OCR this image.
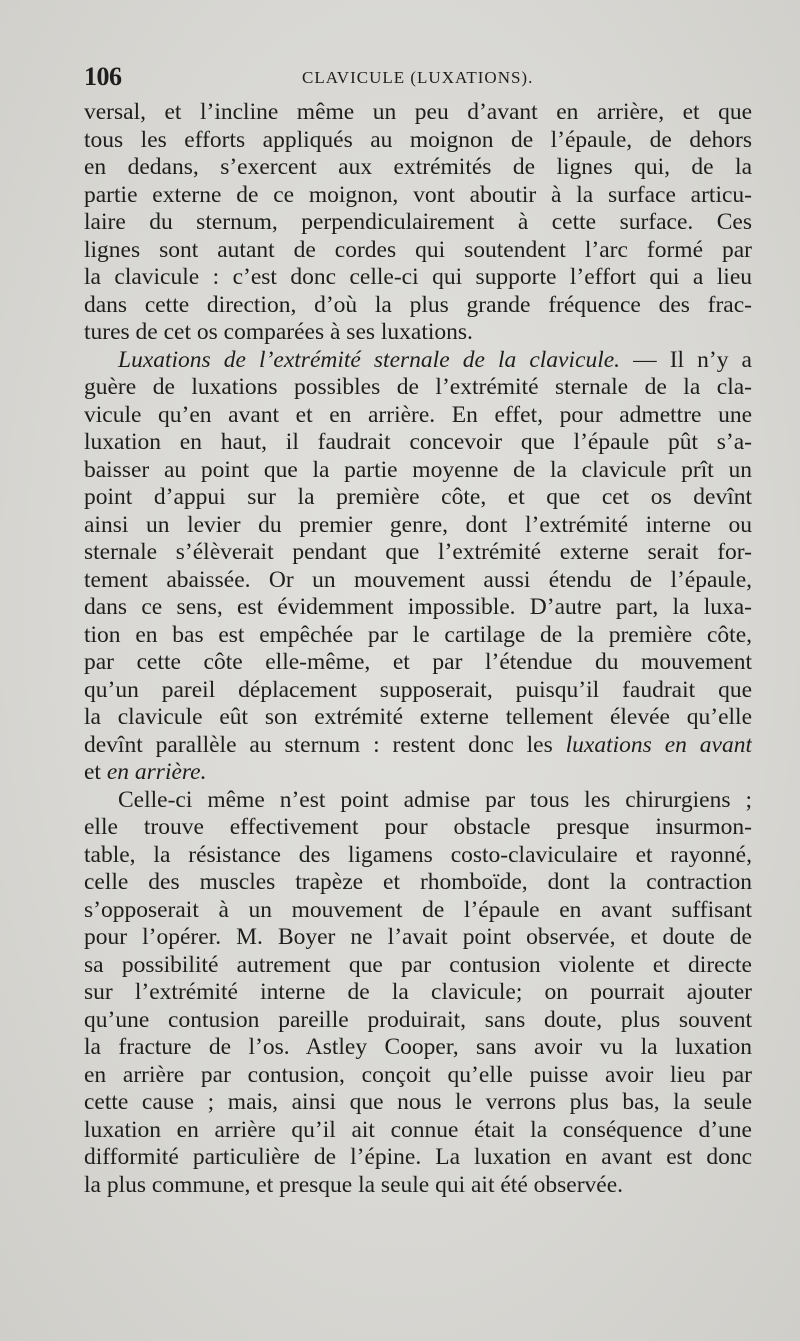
106	CLAVICULE (LUXATIONS).
versal, et l’incline même un peu d’avant en arrière, et que
tous les efforts appliqués au moignon de l’épaule, de dehors
en dedans, s’exercent aux extrémités de lignes qui, de la
partie externe de ce moignon, vont aboutir à la surface articu-
laire du sternum, perpendiculairement à cette surface. Ces
lignes sont autant de cordes qui soutendent l’arc formé par
la clavicule : c’est donc celle-ci qui supporte l’effort qui a lieu
dans cette direction, d’où la plus grande fréquence des frac-
tures de cet os comparées à ses luxations.
Luxations de l’extrémité sternale de la clavicule. — Il n’y a
guère de luxations possibles de l’extrémité sternale de la cla-
vicule qu’en avant et en arrière. En effet, pour admettre une
luxation en haut, il faudrait concevoir que l’épaule pût s’a-
baisser au point que la partie moyenne de la clavicule prît un
point d’appui sur la première côte, et que cet os devînt
ainsi un levier du premier genre, dont l’extrémité interne ou
sternale s’élèverait pendant que l’extrémité externe serait for-
tement abaissée. Or un mouvement aussi étendu de l’épaule,
dans ce sens, est évidemment impossible. D’autre part, la luxa-
tion en bas est empêchée par le cartilage de la première côte,
par cette côte elle-même, et par l’étendue du mouvement
qu’un pareil déplacement supposerait, puisqu’il faudrait que
la clavicule eût son extrémité externe tellement élevée qu’elle
devînt parallèle au sternum : restent donc les luxations en avant
et en arrière.
Celle-ci même n’est point admise par tous les chirurgiens ;
elle trouve effectivement pour obstacle presque insurmon-
table, la résistance des ligamens costo-claviculaire et rayonné,
celle des muscles trapèze et rhomboïde, dont la contraction
s’opposerait à un mouvement de l’épaule en avant suffisant
pour l’opérer. M. Boyer ne l’avait point observée, et doute de
sa possibilité autrement que par contusion violente et directe
sur l’extrémité interne de la clavicule; on pourrait ajouter
qu’une contusion pareille produirait, sans doute, plus souvent
la fracture de l’os. Astley Cooper, sans avoir vu la luxation
en arrière par contusion, conçoit qu’elle puisse avoir lieu par
cette cause ; mais, ainsi que nous le verrons plus bas, la seule
luxation en arrière qu’il ait connue était la conséquence d’une
difformité particulière de l’épine. La luxation en avant est donc
la plus commune, et presque la seule qui ait été observée.
